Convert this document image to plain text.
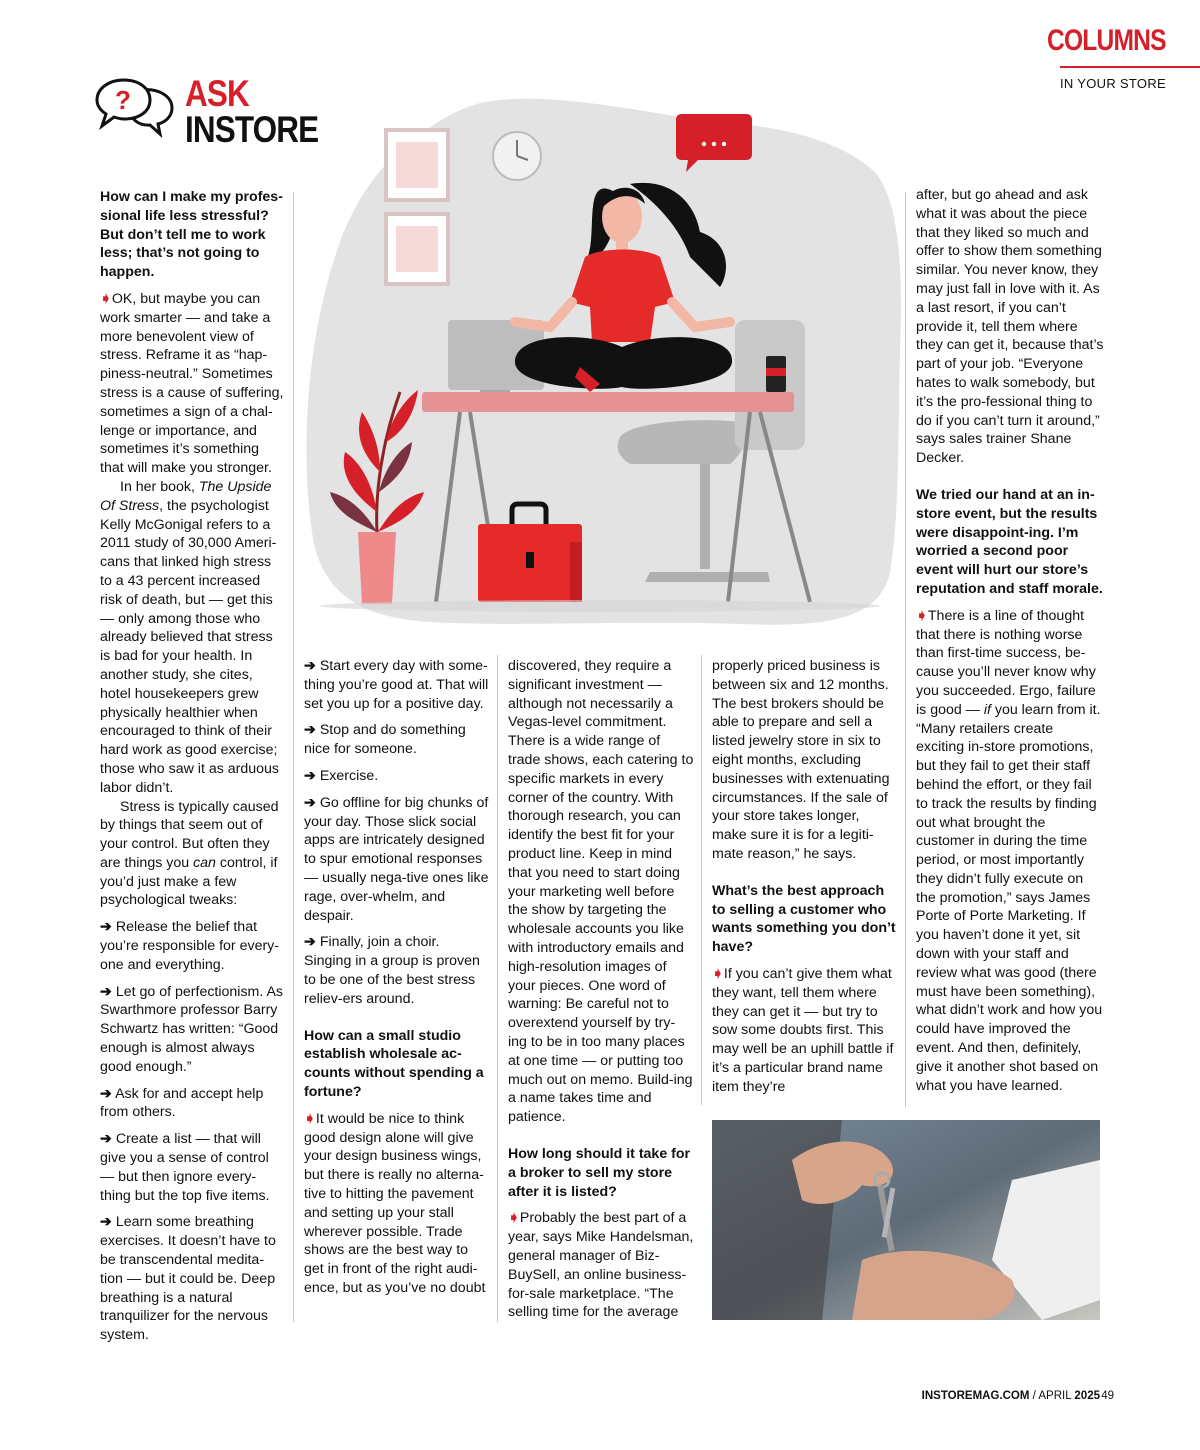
COLUMNS
IN YOUR STORE
? ASK
INSTORE

How can I make my profes-sional life less stressful? But don’t tell me to work less; that’s not going to happen.

➧OK, but maybe you can work smarter — and take a more benevolent view of stress. Reframe it as “hap-piness-neutral.” Sometimes stress is a cause of suffering, sometimes a sign of a chal-lenge or importance, and sometimes it’s something that will make you stronger.

In her book, The Upside Of Stress, the psychologist Kelly McGonigal refers to a 2011 study of 30,000 Ameri-cans that linked high stress to a 43 percent increased risk of death, but — get this — only among those who already believed that stress is bad for your health. In another study, she cites, hotel housekeepers grew physically healthier when encouraged to think of their hard work as good exercise; those who saw it as arduous labor didn’t.

Stress is typically caused by things that seem out of your control. But often they are things you can control, if you’d just make a few psychological tweaks:

➔ Release the belief that you’re responsible for every-one and everything.

➔ Let go of perfectionism. As Swarthmore professor Barry Schwartz has written: “Good enough is almost always good enough.”

➔ Ask for and accept help from others.

➔ Create a list — that will give you a sense of control — but then ignore every-thing but the top five items.

➔ Learn some breathing exercises. It doesn’t have to be transcendental medita-tion — but it could be. Deep breathing is a natural tranquilizer for the nervous system.

➔ Start every day with some-thing you’re good at. That will set you up for a positive day.

➔ Stop and do something nice for someone.

➔ Exercise.

➔ Go offline for big chunks of your day. Those slick social apps are intricately designed to spur emotional responses — usually nega-tive ones like rage, over-whelm, and despair.

➔ Finally, join a choir. Singing in a group is proven to be one of the best stress reliev-ers around.

How can a small studio establish wholesale ac-counts without spending a fortune?

➧It would be nice to think good design alone will give your design business wings, but there is really no alterna-tive to hitting the pavement and setting up your stall wherever possible. Trade shows are the best way to get in front of the right audi-ence, but as you’ve no doubt

discovered, they require a significant investment — although not necessarily a Vegas-level commitment. There is a wide range of trade shows, each catering to specific markets in every corner of the country. With thorough research, you can identify the best fit for your product line. Keep in mind that you need to start doing your marketing well before the show by targeting the wholesale accounts you like with introductory emails and high-resolution images of your pieces. One word of warning: Be careful not to overextend yourself by try-ing to be in too many places at one time — or putting too much out on memo. Build-ing a name takes time and patience.

How long should it take for a broker to sell my store after it is listed?

➧Probably the best part of a year, says Mike Handelsman, general manager of Biz-BuySell, an online business-for-sale marketplace. “The selling time for the average

properly priced business is between six and 12 months. The best brokers should be able to prepare and sell a listed jewelry store in six to eight months, excluding businesses with extenuating circumstances. If the sale of your store takes longer, make sure it is for a legiti-mate reason,” he says.

What’s the best approach to selling a customer who wants something you don’t have?

➧If you can’t give them what they want, tell them where they can get it — but try to sow some doubts first. This may well be an uphill battle if it’s a particular brand name item they’re

after, but go ahead and ask what it was about the piece that they liked so much and offer to show them something similar. You never know, they may just fall in love with it. As a last resort, if you can’t provide it, tell them where they can get it, because that’s part of your job. “Everyone hates to walk somebody, but it’s the pro-fessional thing to do if you can’t turn it around,” says sales trainer Shane Decker.

We tried our hand at an in-store event, but the results were disappoint-ing. I’m worried a second poor event will hurt our store’s reputation and staff morale.

➧There is a line of thought that there is nothing worse than first-time success, be-cause you’ll never know why you succeeded. Ergo, failure is good — if you learn from it. “Many retailers create exciting in-store promotions, but they fail to get their staff behind the effort, or they fail to track the results by finding out what brought the customer in during the time period, or most importantly they didn’t fully execute on the promotion,” says James Porte of Porte Marketing. If you haven’t done it yet, sit down with your staff and review what was good (there must have been something), what didn’t work and how you could have improved the event. And then, definitely, give it another shot based on what you have learned.

INSTOREMAG.COM / APRIL 2025 49
